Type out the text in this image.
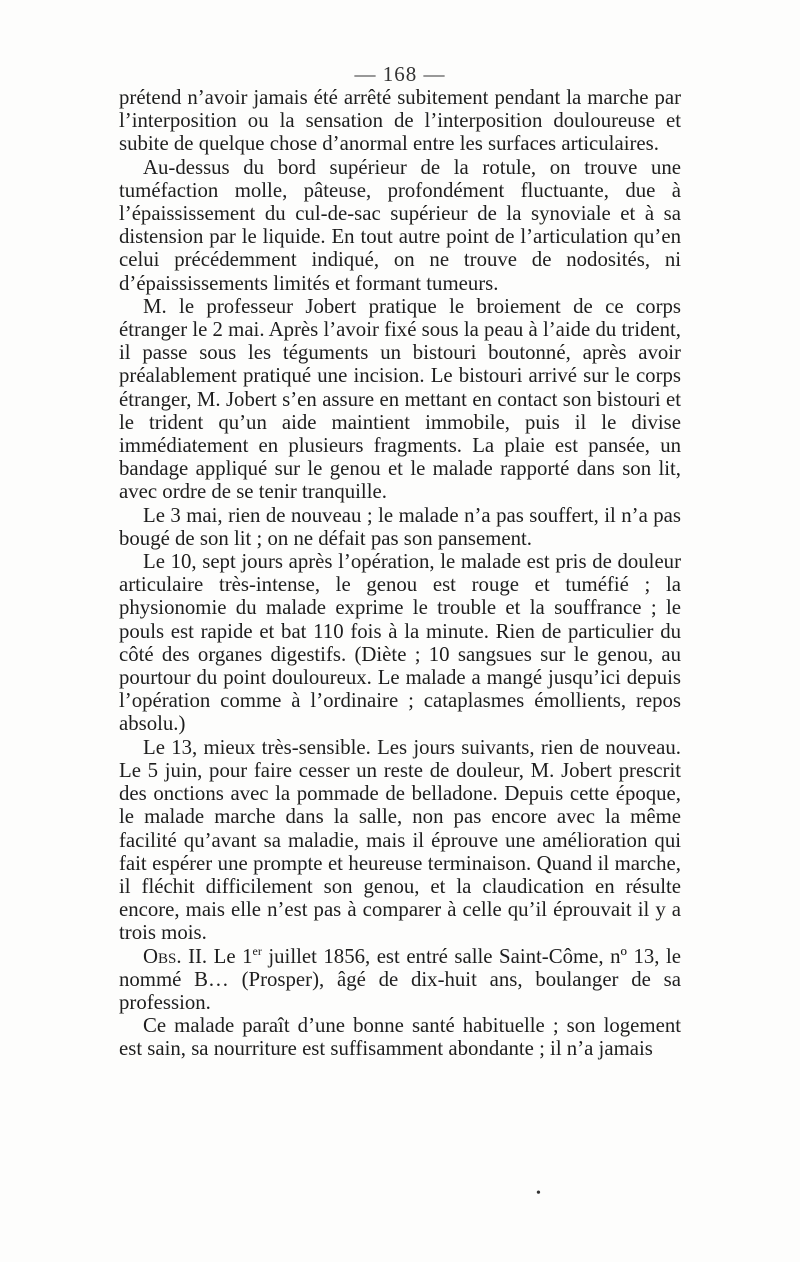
— 168 —

prétend n’avoir jamais été arrêté subitement pendant la marche par l’interposition ou la sensation de l’interposition douloureuse et subite de quelque chose d’anormal entre les surfaces articulaires.

Au-dessus du bord supérieur de la rotule, on trouve une tuméfaction molle, pâteuse, profondément fluctuante, due à l’épaississement du cul-de-sac supérieur de la synoviale et à sa distension par le liquide. En tout autre point de l’articulation qu’en celui précédemment indiqué, on ne trouve de nodosités, ni d’épaississements limités et formant tumeurs.

M. le professeur Jobert pratique le broiement de ce corps étranger le 2 mai. Après l’avoir fixé sous la peau à l’aide du trident, il passe sous les téguments un bistouri boutonné, après avoir préalablement pratiqué une incision. Le bistouri arrivé sur le corps étranger, M. Jobert s’en assure en mettant en contact son bistouri et le trident qu’un aide maintient immobile, puis il le divise immédiatement en plusieurs fragments. La plaie est pansée, un bandage appliqué sur le genou et le malade rapporté dans son lit, avec ordre de se tenir tranquille.

Le 3 mai, rien de nouveau ; le malade n’a pas souffert, il n’a pas bougé de son lit ; on ne défait pas son pansement.

Le 10, sept jours après l’opération, le malade est pris de douleur articulaire très-intense, le genou est rouge et tuméfié ; la physionomie du malade exprime le trouble et la souffrance ; le pouls est rapide et bat 110 fois à la minute. Rien de particulier du côté des organes digestifs. (Diète ; 10 sangsues sur le genou, au pourtour du point douloureux. Le malade a mangé jusqu’ici depuis l’opération comme à l’ordinaire ; cataplasmes émollients, repos absolu.)

Le 13, mieux très-sensible. Les jours suivants, rien de nouveau. Le 5 juin, pour faire cesser un reste de douleur, M. Jobert prescrit des onctions avec la pommade de belladone. Depuis cette époque, le malade marche dans la salle, non pas encore avec la même facilité qu’avant sa maladie, mais il éprouve une amélioration qui fait espérer une prompte et heureuse terminaison. Quand il marche, il fléchit difficilement son genou, et la claudication en résulte encore, mais elle n’est pas à comparer à celle qu’il éprouvait il y a trois mois.

Obs. II. Le 1er juillet 1856, est entré salle Saint-Côme, nº 13, le nommé B… (Prosper), âgé de dix-huit ans, boulanger de sa profession.

Ce malade paraît d’une bonne santé habituelle ; son logement est sain, sa nourriture est suffisamment abondante ; il n’a jamais

•
